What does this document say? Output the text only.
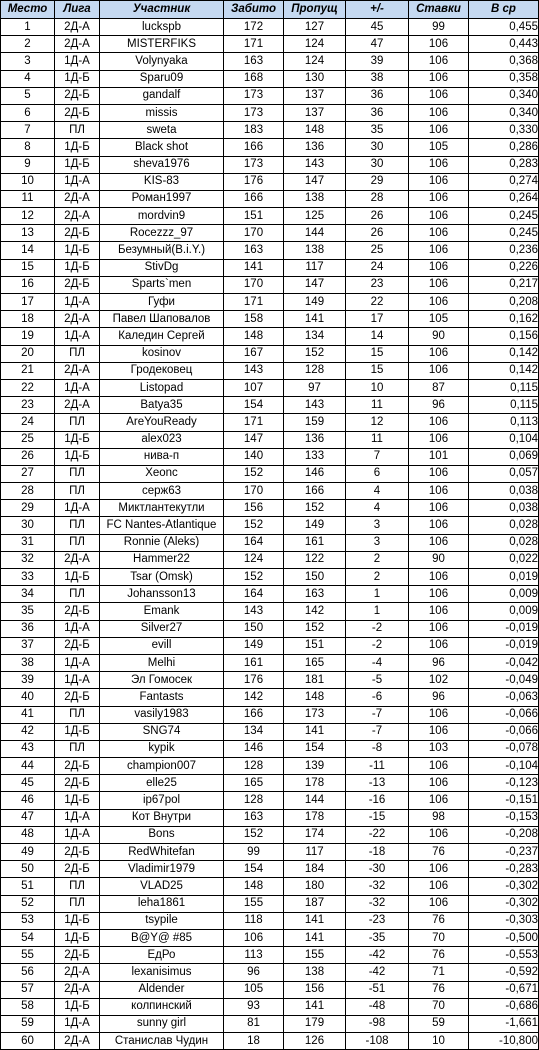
Место	Лига	Участник	Забито	Пропущ	+/-	Ставки	В ср
1	2Д-А	luckspb	172	127	45	99	0,455
2	2Д-А	MISTERFIKS	171	124	47	106	0,443
3	1Д-А	Volynyaka	163	124	39	106	0,368
4	1Д-Б	Sparu09	168	130	38	106	0,358
5	2Д-Б	gandalf	173	137	36	106	0,340
6	2Д-Б	missis	173	137	36	106	0,340
7	ПЛ	sweta	183	148	35	106	0,330
8	1Д-Б	Black shot	166	136	30	105	0,286
9	1Д-Б	sheva1976	173	143	30	106	0,283
10	1Д-А	KIS-83	176	147	29	106	0,274
11	2Д-А	Роман1997	166	138	28	106	0,264
12	2Д-А	mordvin9	151	125	26	106	0,245
13	2Д-Б	Rocezzz_97	170	144	26	106	0,245
14	1Д-Б	Безумный(B.i.Y.)	163	138	25	106	0,236
15	1Д-Б	StivDg	141	117	24	106	0,226
16	2Д-Б	Sparts`men	170	147	23	106	0,217
17	1Д-А	Гуфи	171	149	22	106	0,208
18	2Д-А	Павел Шаповалов	158	141	17	105	0,162
19	1Д-А	Каледин Сергей	148	134	14	90	0,156
20	ПЛ	kosinov	167	152	15	106	0,142
21	2Д-А	Гродековец	143	128	15	106	0,142
22	1Д-А	Listopad	107	97	10	87	0,115
23	2Д-А	Batya35	154	143	11	96	0,115
24	ПЛ	AreYouReady	171	159	12	106	0,113
25	1Д-Б	alex023	147	136	11	106	0,104
26	1Д-Б	нива-п	140	133	7	101	0,069
27	ПЛ	Xeonc	152	146	6	106	0,057
28	ПЛ	серж63	170	166	4	106	0,038
29	1Д-А	Миктлантекутли	156	152	4	106	0,038
30	ПЛ	FC Nantes-Atlantique	152	149	3	106	0,028
31	ПЛ	Ronnie (Aleks)	164	161	3	106	0,028
32	2Д-А	Hammer22	124	122	2	90	0,022
33	1Д-Б	Tsar (Omsk)	152	150	2	106	0,019
34	ПЛ	Johansson13	164	163	1	106	0,009
35	2Д-Б	Emank	143	142	1	106	0,009
36	1Д-А	Silver27	150	152	-2	106	-0,019
37	2Д-Б	evill	149	151	-2	106	-0,019
38	1Д-А	Melhi	161	165	-4	96	-0,042
39	1Д-А	Эл Гомосек	176	181	-5	102	-0,049
40	2Д-Б	Fantasts	142	148	-6	96	-0,063
41	ПЛ	vasily1983	166	173	-7	106	-0,066
42	1Д-Б	SNG74	134	141	-7	106	-0,066
43	ПЛ	kypik	146	154	-8	103	-0,078
44	2Д-Б	champion007	128	139	-11	106	-0,104
45	2Д-Б	elle25	165	178	-13	106	-0,123
46	1Д-Б	ip67pol	128	144	-16	106	-0,151
47	1Д-А	Кот Внутри	163	178	-15	98	-0,153
48	1Д-А	Bons	152	174	-22	106	-0,208
49	2Д-Б	RedWhitefan	99	117	-18	76	-0,237
50	2Д-Б	Vladimir1979	154	184	-30	106	-0,283
51	ПЛ	VLAD25	148	180	-32	106	-0,302
52	ПЛ	leha1861	155	187	-32	106	-0,302
53	1Д-Б	tsypile	118	141	-23	76	-0,303
54	1Д-Б	B@Y@ #85	106	141	-35	70	-0,500
55	2Д-Б	ЕдРо	113	155	-42	76	-0,553
56	2Д-А	lexanisimus	96	138	-42	71	-0,592
57	2Д-А	Aldender	105	156	-51	76	-0,671
58	1Д-Б	колпинский	93	141	-48	70	-0,686
59	1Д-А	sunny girl	81	179	-98	59	-1,661
60	2Д-А	Станислав Чудин	18	126	-108	10	-10,800
